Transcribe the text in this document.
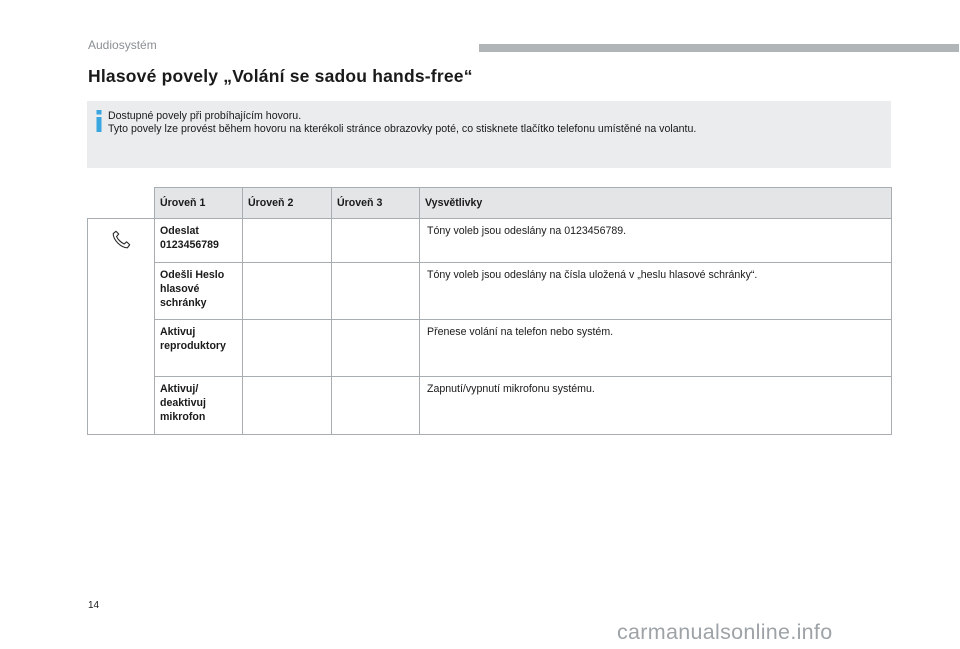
Audiosystém
Hlasové povely „Volání se sadou hands-free“
Dostupné povely při probíhajícím hovoru.
Tyto povely lze provést během hovoru na kterékoli stránce obrazovky poté, co stisknete tlačítko telefonu umístěné na volantu.
	Úroveň 1	Úroveň 2	Úroveň 3	Vysvětlivky

	Odeslat
0123456789			Tóny voleb jsou odeslány na 0123456789.
	Odešli Heslo
hlasové
schránky			Tóny voleb jsou odeslány na čísla uložená v „heslu hlasové schránky“.
	Aktivuj
reproduktory			Přenese volání na telefon nebo systém.
	Aktivuj/
deaktivuj
mikrofon			Zapnutí/vypnutí mikrofonu systému.
14
carmanualsonline.info
